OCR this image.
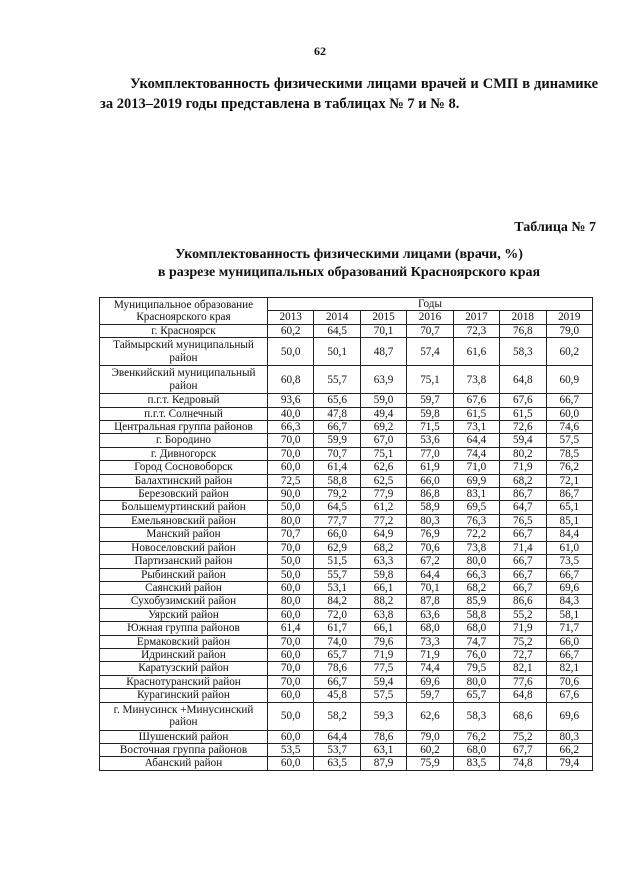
62

Укомплектованность физическими лицами врачей и СМП в динамике за 2013–2019 годы представлена в таблицах № 7 и № 8.

Таблица № 7
Укомплектованность физическими лицами (врачи, %)
в разрезе муниципальных образований Красноярского края
Муниципальное образование Красноярского края	Годы						
	2013	2014	2015	2016	2017	2018	2019
г. Красноярск	60,2	64,5	70,1	70,7	72,3	76,8	79,0
Таймырский муниципальный район	50,0	50,1	48,7	57,4	61,6	58,3	60,2
Эвенкийский муниципальный район	60,8	55,7	63,9	75,1	73,8	64,8	60,9
п.г.т. Кедровый	93,6	65,6	59,0	59,7	67,6	67,6	66,7
п.г.т. Солнечный	40,0	47,8	49,4	59,8	61,5	61,5	60,0
Центральная группа районов	66,3	66,7	69,2	71,5	73,1	72,6	74,6
г. Бородино	70,0	59,9	67,0	53,6	64,4	59,4	57,5
г. Дивногорск	70,0	70,7	75,1	77,0	74,4	80,2	78,5
Город Сосновоборск	60,0	61,4	62,6	61,9	71,0	71,9	76,2
Балахтинский район	72,5	58,8	62,5	66,0	69,9	68,2	72,1
Березовский район	90,0	79,2	77,9	86,8	83,1	86,7	86,7
Большемуртинский район	50,0	64,5	61,2	58,9	69,5	64,7	65,1
Емельяновский район	80,0	77,7	77,2	80,3	76,3	76,5	85,1
Манский район	70,7	66,0	64,9	76,9	72,2	66,7	84,4
Новоселовский район	70,0	62,9	68,2	70,6	73,8	71,4	61,0
Партизанский район	50,0	51,5	63,3	67,2	80,0	66,7	73,5
Рыбинский район	50,0	55,7	59,8	64,4	66,3	66,7	66,7
Саянский район	60,0	53,1	66,1	70,1	68,2	66,7	69,6
Сухобузимский район	80,0	84,2	88,2	87,8	85,9	86,6	84,3
Уярский район	60,0	72,0	63,8	63,6	58,8	55,2	58,1
Южная группа районов	61,4	61,7	66,1	68,0	68,0	71,9	71,7
Ермаковский район	70,0	74,0	79,6	73,3	74,7	75,2	66,0
Идринский район	60,0	65,7	71,9	71,9	76,0	72,7	66,7
Каратузский район	70,0	78,6	77,5	74,4	79,5	82,1	82,1
Краснотуранский район	70,0	66,7	59,4	69,6	80,0	77,6	70,6
Курагинский район	60,0	45,8	57,5	59,7	65,7	64,8	67,6
г. Минусинск +Минусинский район	50,0	58,2	59,3	62,6	58,3	68,6	69,6
Шушенский район	60,0	64,4	78,6	79,0	76,2	75,2	80,3
Восточная группа районов	53,5	53,7	63,1	60,2	68,0	67,7	66,2
Абанский район	60,0	63,5	87,9	75,9	83,5	74,8	79,4
